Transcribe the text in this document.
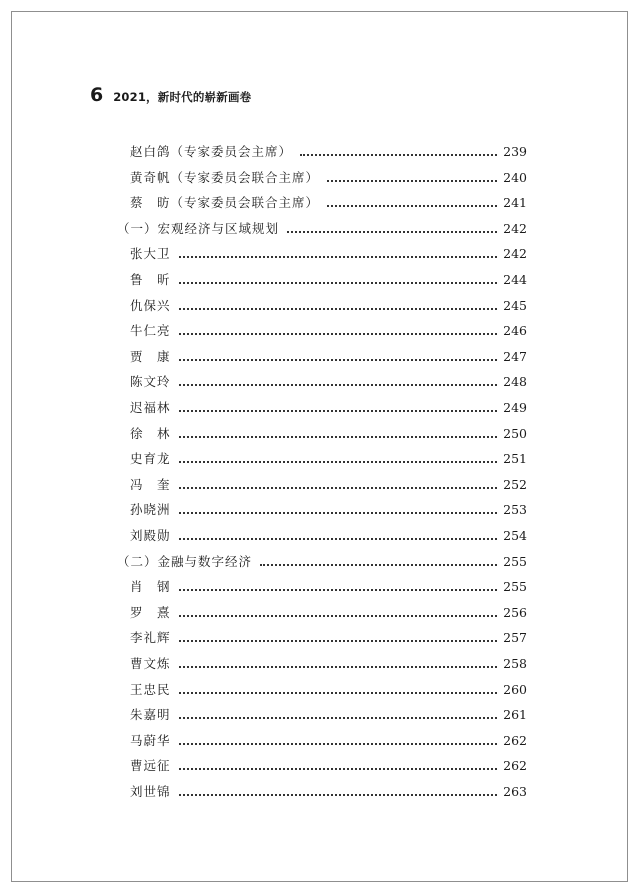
6 2021，新时代的崭新画卷
赵白鸽（专家委员会主席）	239
黄奇帆（专家委员会联合主席）	240
蔡　昉（专家委员会联合主席）	241
（一）宏观经济与区域规划	242
张大卫	242
鲁　昕	244
仇保兴	245
牛仁亮	246
贾　康	247
陈文玲	248
迟福林	249
徐　林	250
史育龙	251
冯　奎	252
孙晓洲	253
刘殿勋	254
（二）金融与数字经济	255
肖　钢	255
罗　熹	256
李礼辉	257
曹文炼	258
王忠民	260
朱嘉明	261
马蔚华	262
曹远征	262
刘世锦	263
